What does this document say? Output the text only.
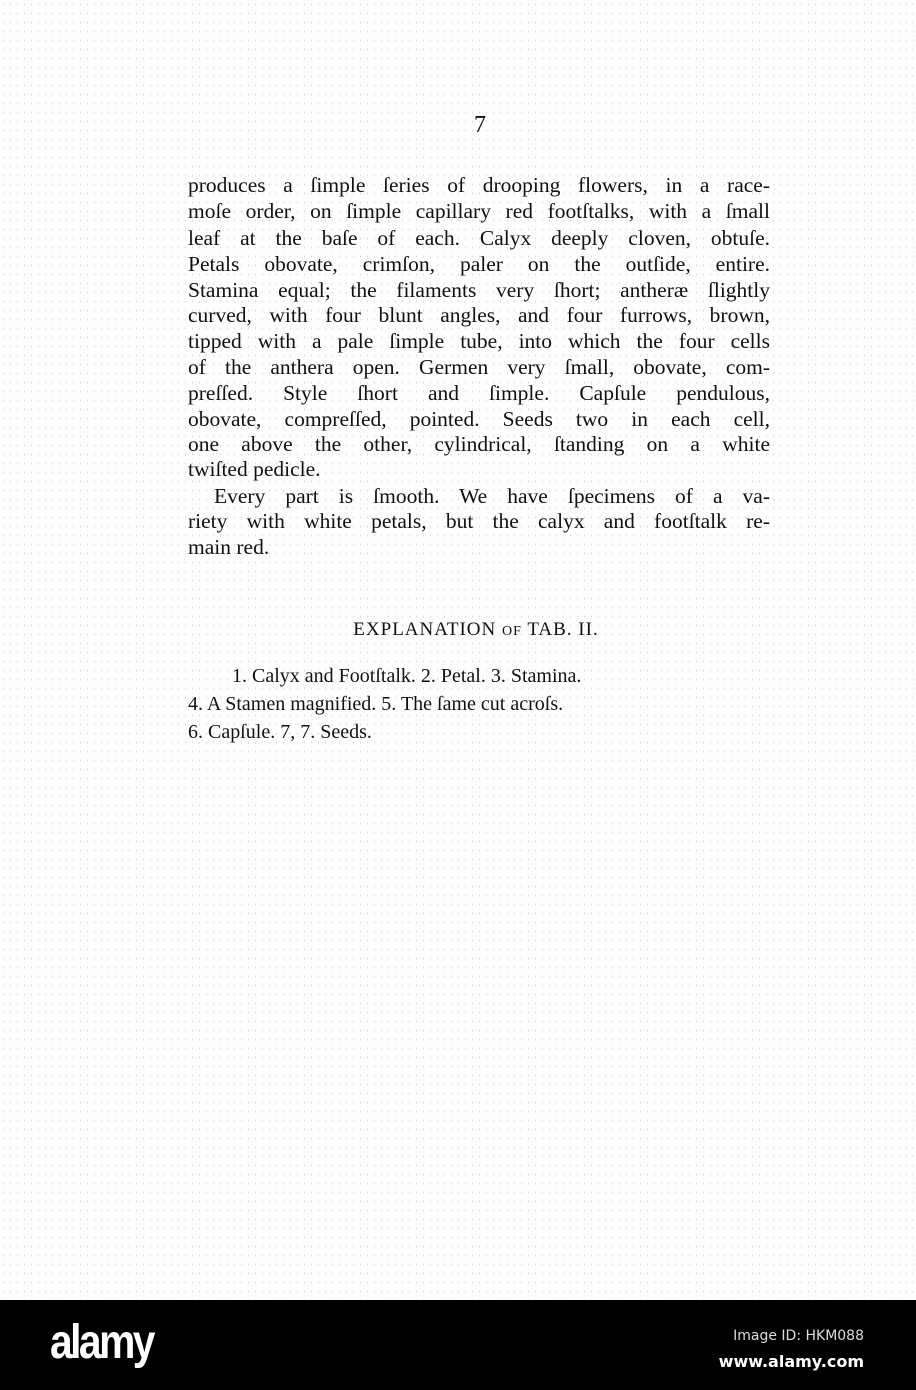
7
produces a ſimple ſeries of drooping flowers, in a race-
moſe order, on ſimple capillary red footſtalks, with a ſmall
leaf at the baſe of each. Calyx deeply cloven, obtuſe.
Petals obovate, crimſon, paler on the outſide, entire.
Stamina equal; the filaments very ſhort; antheræ ſlightly
curved, with four blunt angles, and four furrows, brown,
tipped with a pale ſimple tube, into which the four cells
of the anthera open. Germen very ſmall, obovate, com-
preſſed. Style ſhort and ſimple. Capſule pendulous,
obovate, compreſſed, pointed. Seeds two in each cell,
one above the other, cylindrical, ſtanding on a white
twiſted pedicle.
Every part is ſmooth. We have ſpecimens of a va-
riety with white petals, but the calyx and footſtalk re-
main red.
EXPLANATION OF TAB. II.
1. Calyx and Footſtalk. 2. Petal. 3. Stamina.
4. A Stamen magnified. 5. The ſame cut acroſs.
6. Capſule. 7, 7. Seeds.
alamy	Image ID: HKM088
www.alamy.com
